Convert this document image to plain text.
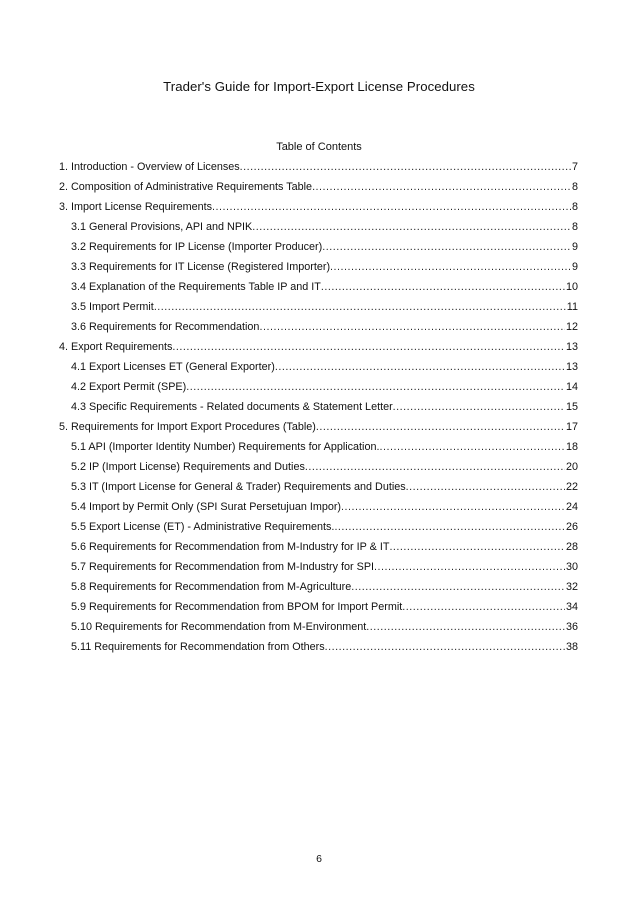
Trader's Guide for Import-Export License Procedures
Table of Contents
1. Introduction - Overview of Licenses .....	7
2. Composition of Administrative Requirements Table .....	8
3. Import License Requirements .....	8
3.1 General Provisions, API and NPIK .....	8
3.2 Requirements for IP License (Importer Producer) .....	9
3.3 Requirements for IT License (Registered Importer) .....	9
3.4 Explanation of the Requirements Table IP and IT .....	10
3.5 Import Permit .....	11
3.6 Requirements for Recommendation .....	12
4. Export Requirements .....	13
4.1 Export Licenses ET (General Exporter) .....	13
4.2 Export Permit (SPE) .....	14
4.3 Specific Requirements - Related documents & Statement Letter .....	15
5. Requirements for Import Export Procedures (Table) .....	17
5.1 API (Importer Identity Number) Requirements for Application. .....	18
5.2 IP (Import License) Requirements and Duties .....	20
5.3 IT (Import License for General & Trader) Requirements and Duties .....	22
5.4 Import by Permit Only (SPI Surat Persetujuan Impor) .....	24
5.5 Export License (ET) - Administrative Requirements. .....	26
5.6 Requirements for Recommendation from M-Industry for IP & IT .....	28
5.7 Requirements for Recommendation from M-Industry for SPI .....	30
5.8 Requirements for Recommendation from M-Agriculture .....	32
5.9 Requirements for Recommendation from BPOM for Import Permit .....	34
5.10 Requirements for Recommendation from M-Environment .....	36
5.11 Requirements for Recommendation from Others .....	38
6
